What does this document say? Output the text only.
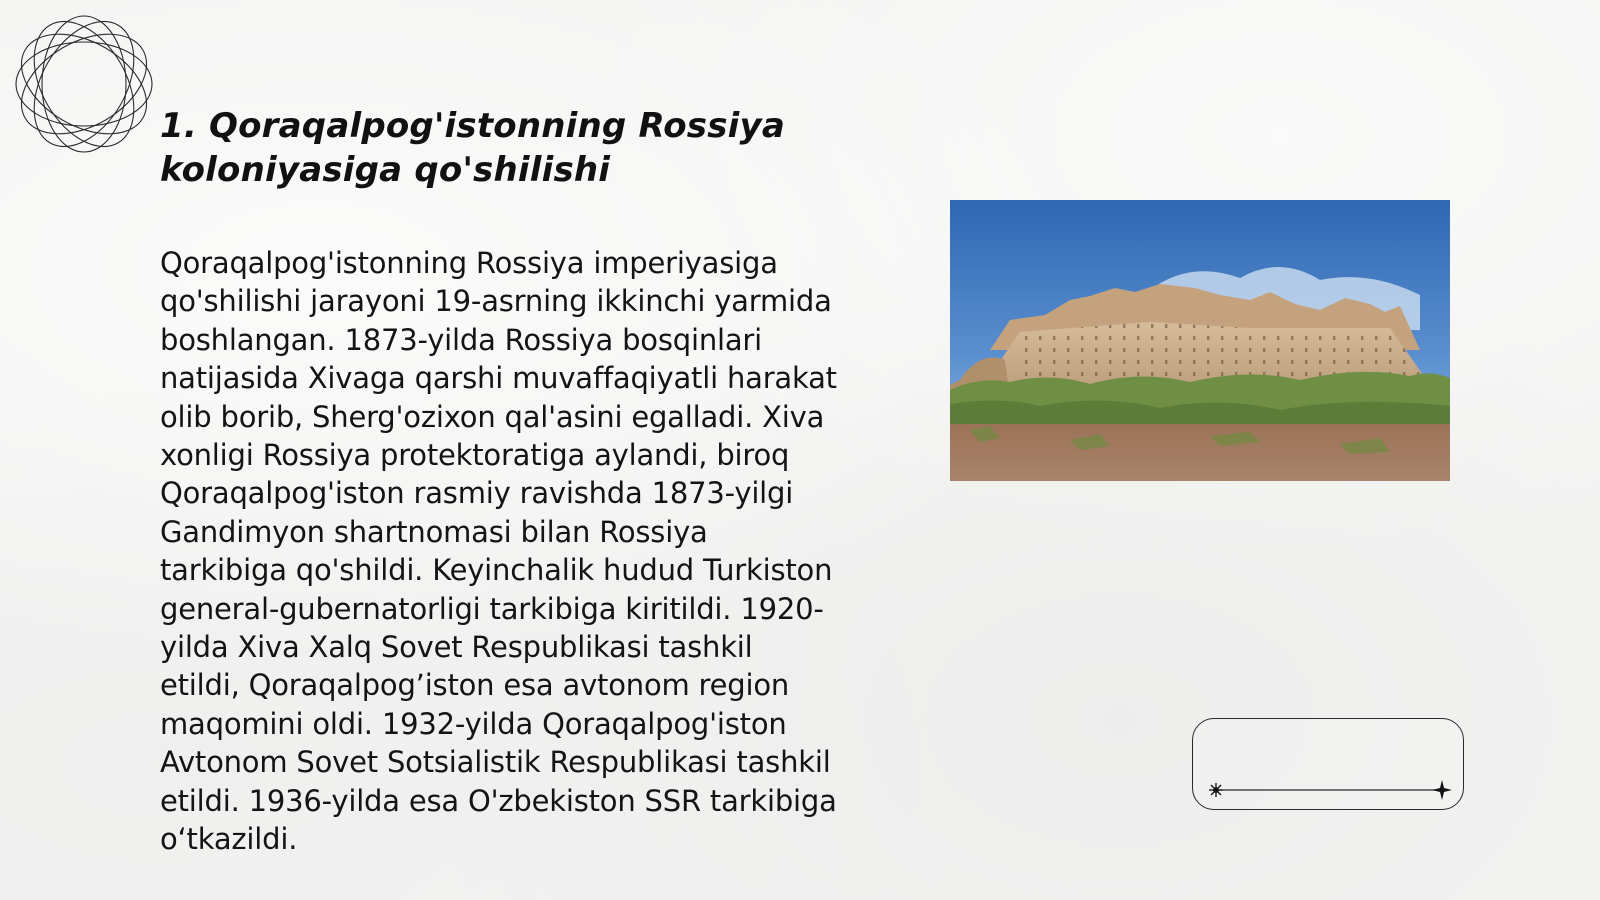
1. Qoraqalpog'istonning Rossiya koloniyasiga qo'shilishi

Qoraqalpog'istonning Rossiya imperiyasiga qo'shilishi jarayoni 19-asrning ikkinchi yarmida boshlangan. 1873-yilda Rossiya bosqinlari natijasida Xivaga qarshi muvaffaqiyatli harakat olib borib, Sherg'ozixon qal'asini egalladi. Xiva xonligi Rossiya protektoratiga aylandi, biroq Qoraqalpog'iston rasmiy ravishda 1873-yilgi Gandimyon shartnomasi bilan Rossiya tarkibiga qo'shildi. Keyinchalik hudud Turkiston general-gubernatorligi tarkibiga kiritildi. 1920-yilda Xiva Xalq Sovet Respublikasi tashkil etildi, Qoraqalpog’iston esa avtonom region maqomini oldi. 1932-yilda Qoraqalpog'iston Avtonom Sovet Sotsialistik Respublikasi tashkil etildi. 1936-yilda esa O'zbekiston SSR tarkibiga o‘tkazildi.
